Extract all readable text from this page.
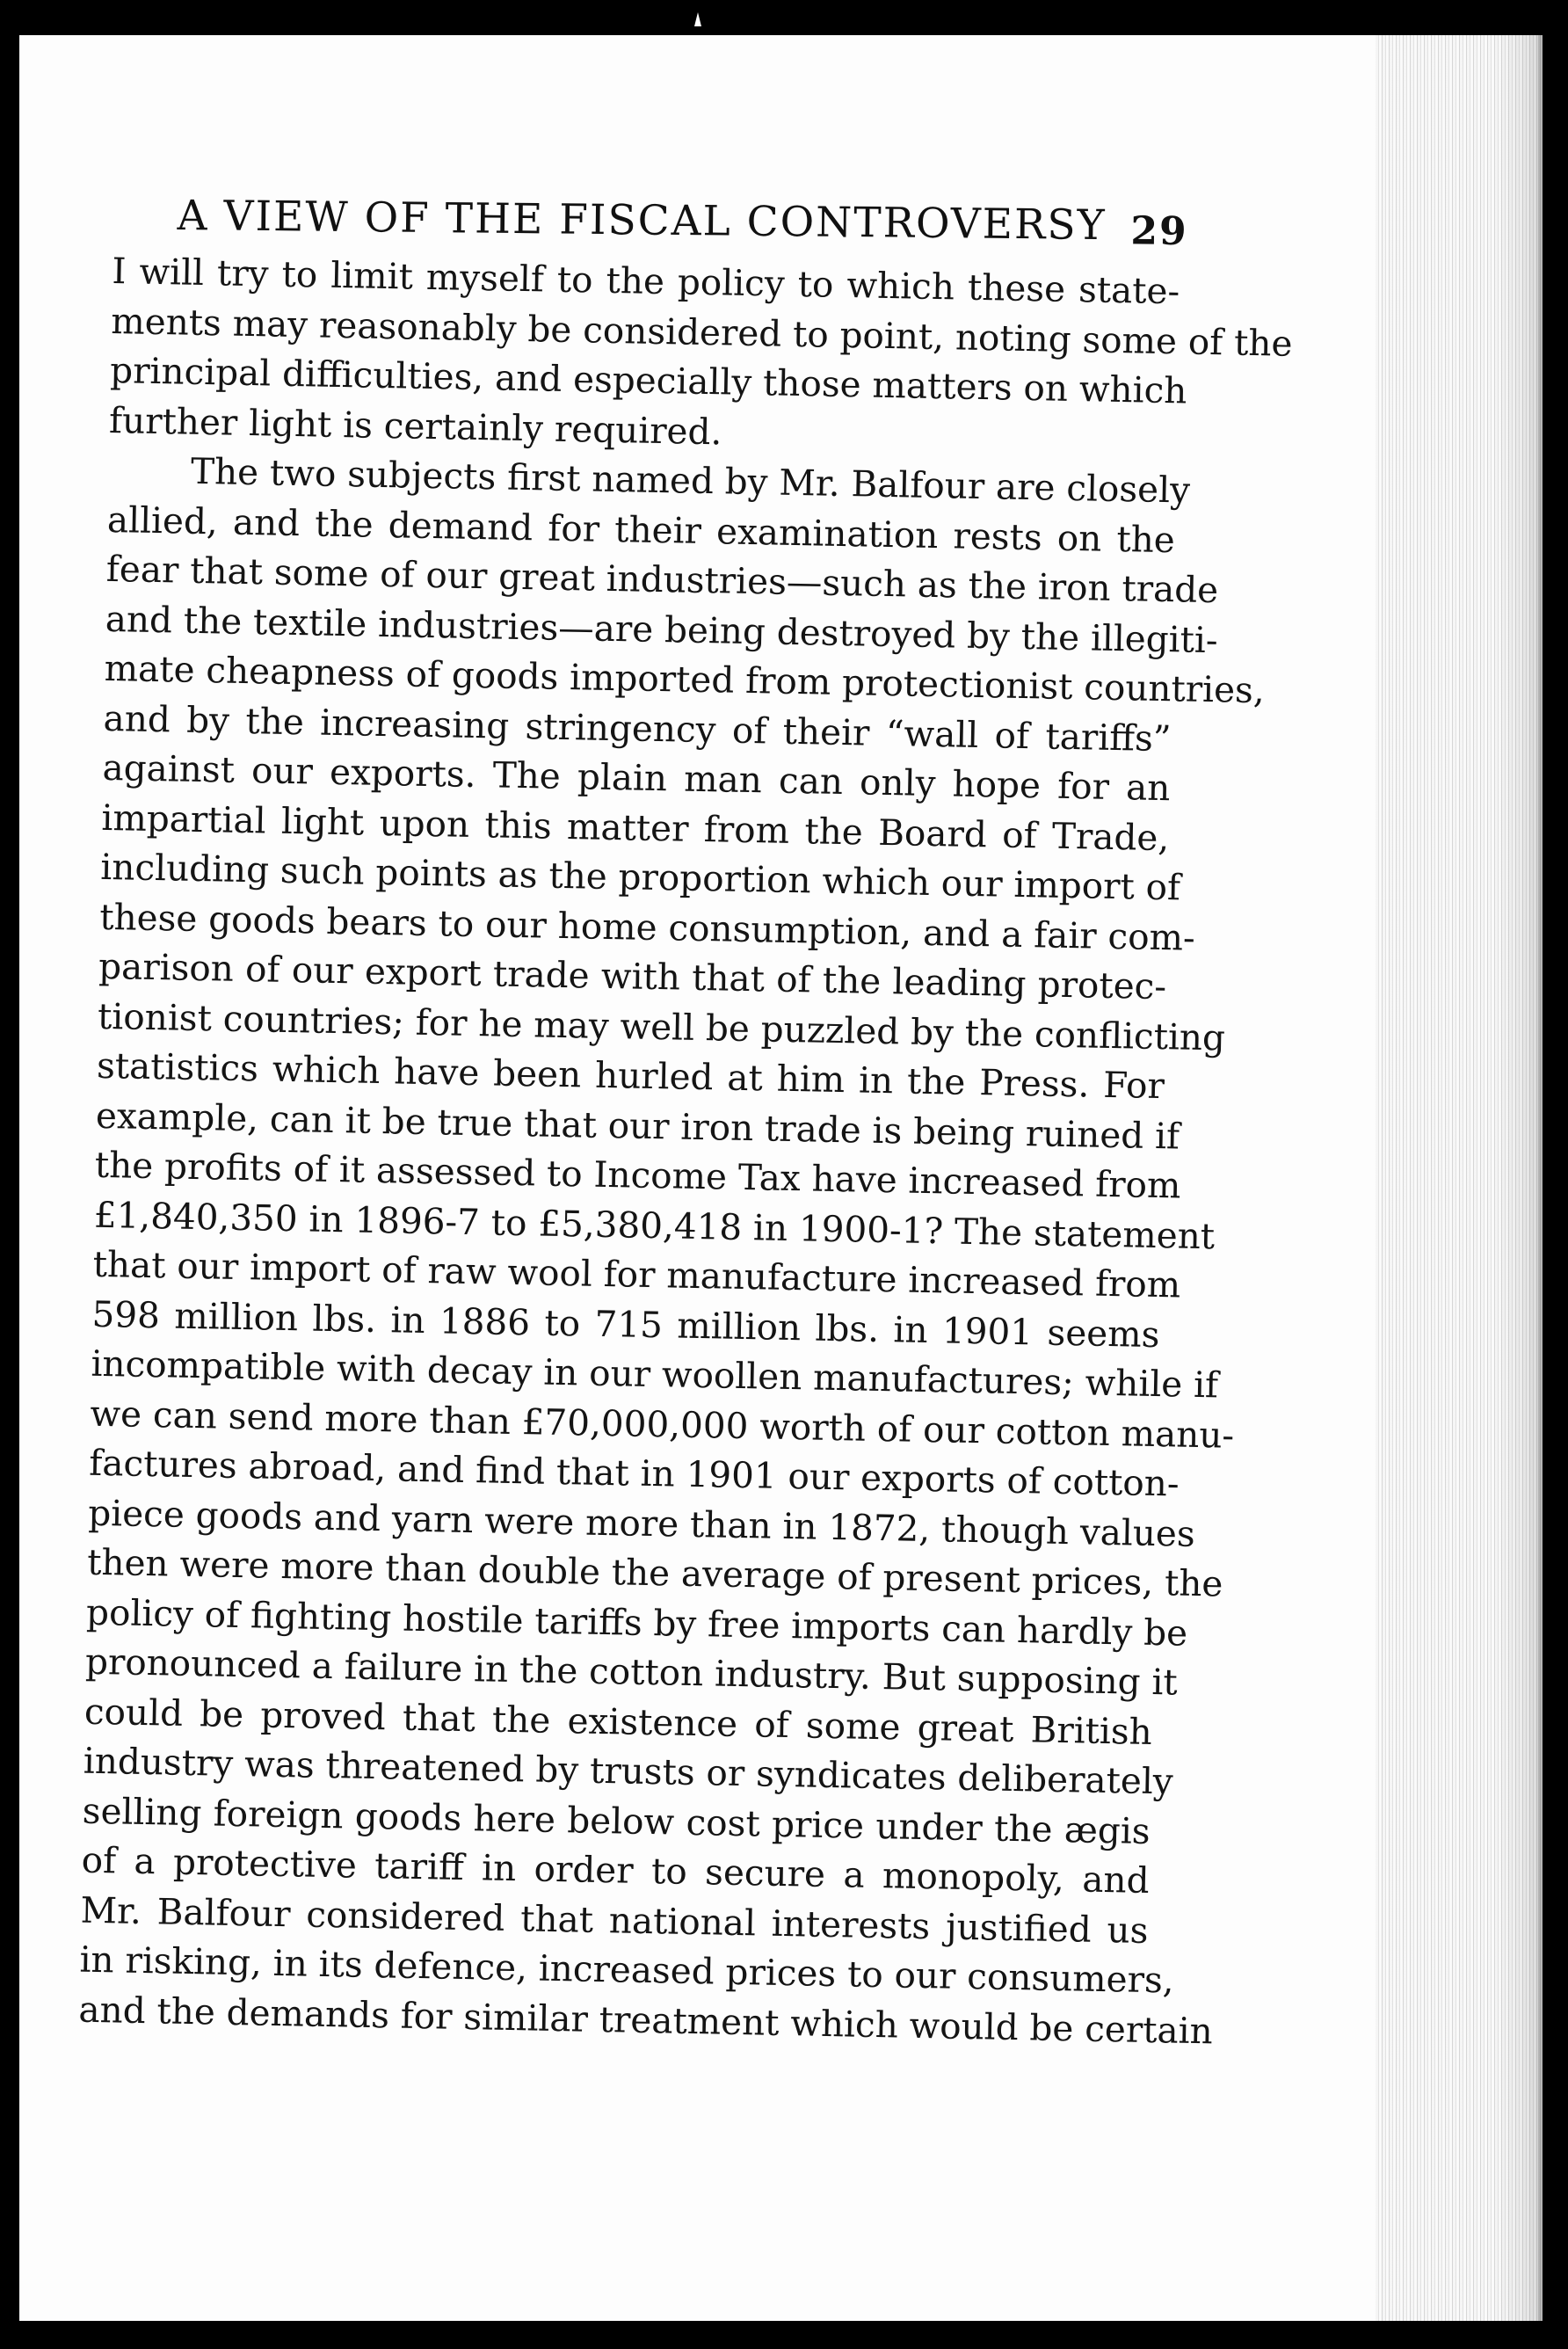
A VIEW OF THE FISCAL CONTROVERSY 29
I will try to limit myself to the policy to which these state-
ments may reasonably be considered to point, noting some of the
principal difficulties, and especially those matters on which
further light is certainly required.
The two subjects first named by Mr. Balfour are closely
allied, and the demand for their examination rests on the
fear that some of our great industries—such as the iron trade
and the textile industries—are being destroyed by the illegiti-
mate cheapness of goods imported from protectionist countries,
and by the increasing stringency of their “wall of tariffs”
against our exports. The plain man can only hope for an
impartial light upon this matter from the Board of Trade,
including such points as the proportion which our import of
these goods bears to our home consumption, and a fair com-
parison of our export trade with that of the leading protec-
tionist countries; for he may well be puzzled by the conflicting
statistics which have been hurled at him in the Press. For
example, can it be true that our iron trade is being ruined if
the profits of it assessed to Income Tax have increased from
£1,840,350 in 1896-7 to £5,380,418 in 1900-1? The statement
that our import of raw wool for manufacture increased from
598 million lbs. in 1886 to 715 million lbs. in 1901 seems
incompatible with decay in our woollen manufactures; while if
we can send more than £70,000,000 worth of our cotton manu-
factures abroad, and find that in 1901 our exports of cotton-
piece goods and yarn were more than in 1872, though values
then were more than double the average of present prices, the
policy of fighting hostile tariffs by free imports can hardly be
pronounced a failure in the cotton industry. But supposing it
could be proved that the existence of some great British
industry was threatened by trusts or syndicates deliberately
selling foreign goods here below cost price under the ægis
of a protective tariff in order to secure a monopoly, and
Mr. Balfour considered that national interests justified us
in risking, in its defence, increased prices to our consumers,
and the demands for similar treatment which would be certain
